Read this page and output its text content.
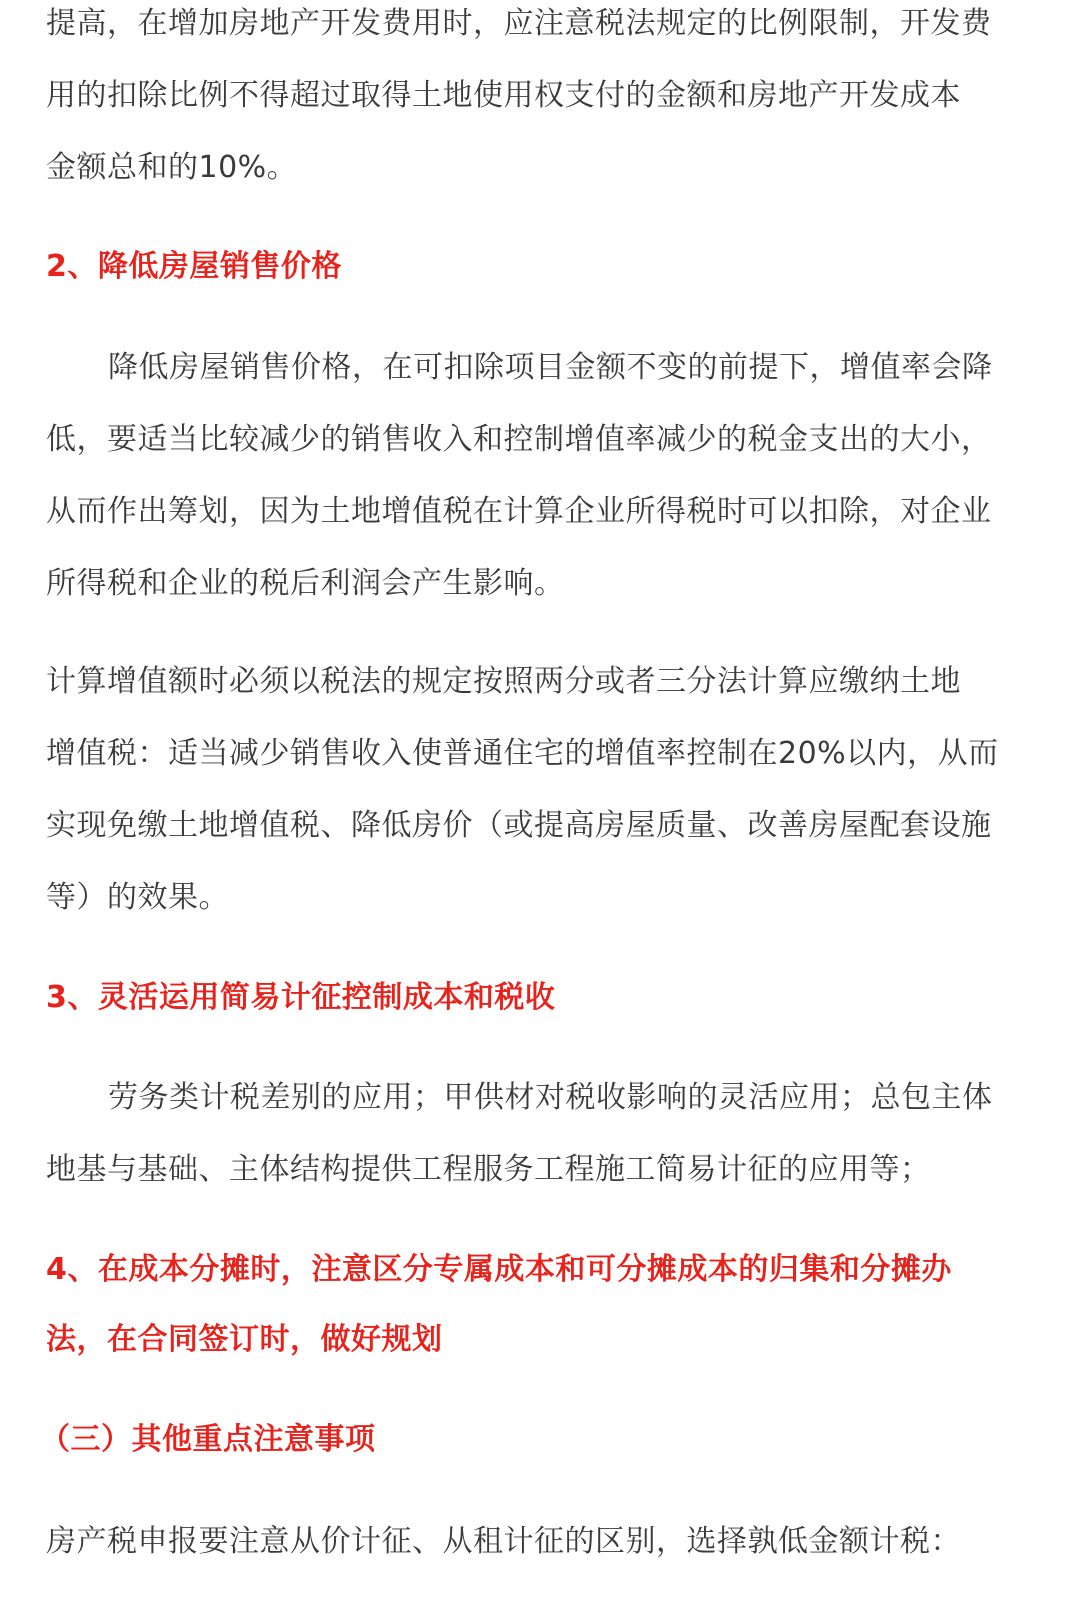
提高，在增加房地产开发费用时，应注意税法规定的比例限制，开发费
用的扣除比例不得超过取得土地使用权支付的金额和房地产开发成本
金额总和的10%。
2、降低房屋销售价格
降低房屋销售价格，在可扣除项目金额不变的前提下，增值率会降
低，要适当比较减少的销售收入和控制增值率减少的税金支出的大小，
从而作出筹划，因为土地增值税在计算企业所得税时可以扣除，对企业
所得税和企业的税后利润会产生影响。
计算增值额时必须以税法的规定按照两分或者三分法计算应缴纳土地
增值税：适当减少销售收入使普通住宅的增值率控制在20%以内，从而
实现免缴土地增值税、降低房价（或提高房屋质量、改善房屋配套设施
等）的效果。
3、灵活运用简易计征控制成本和税收
劳务类计税差别的应用；甲供材对税收影响的灵活应用；总包主体
地基与基础、主体结构提供工程服务工程施工简易计征的应用等；
4、在成本分摊时，注意区分专属成本和可分摊成本的归集和分摊办
法，在合同签订时，做好规划
（三）其他重点注意事项
房产税申报要注意从价计征、从租计征的区别，选择孰低金额计税：
